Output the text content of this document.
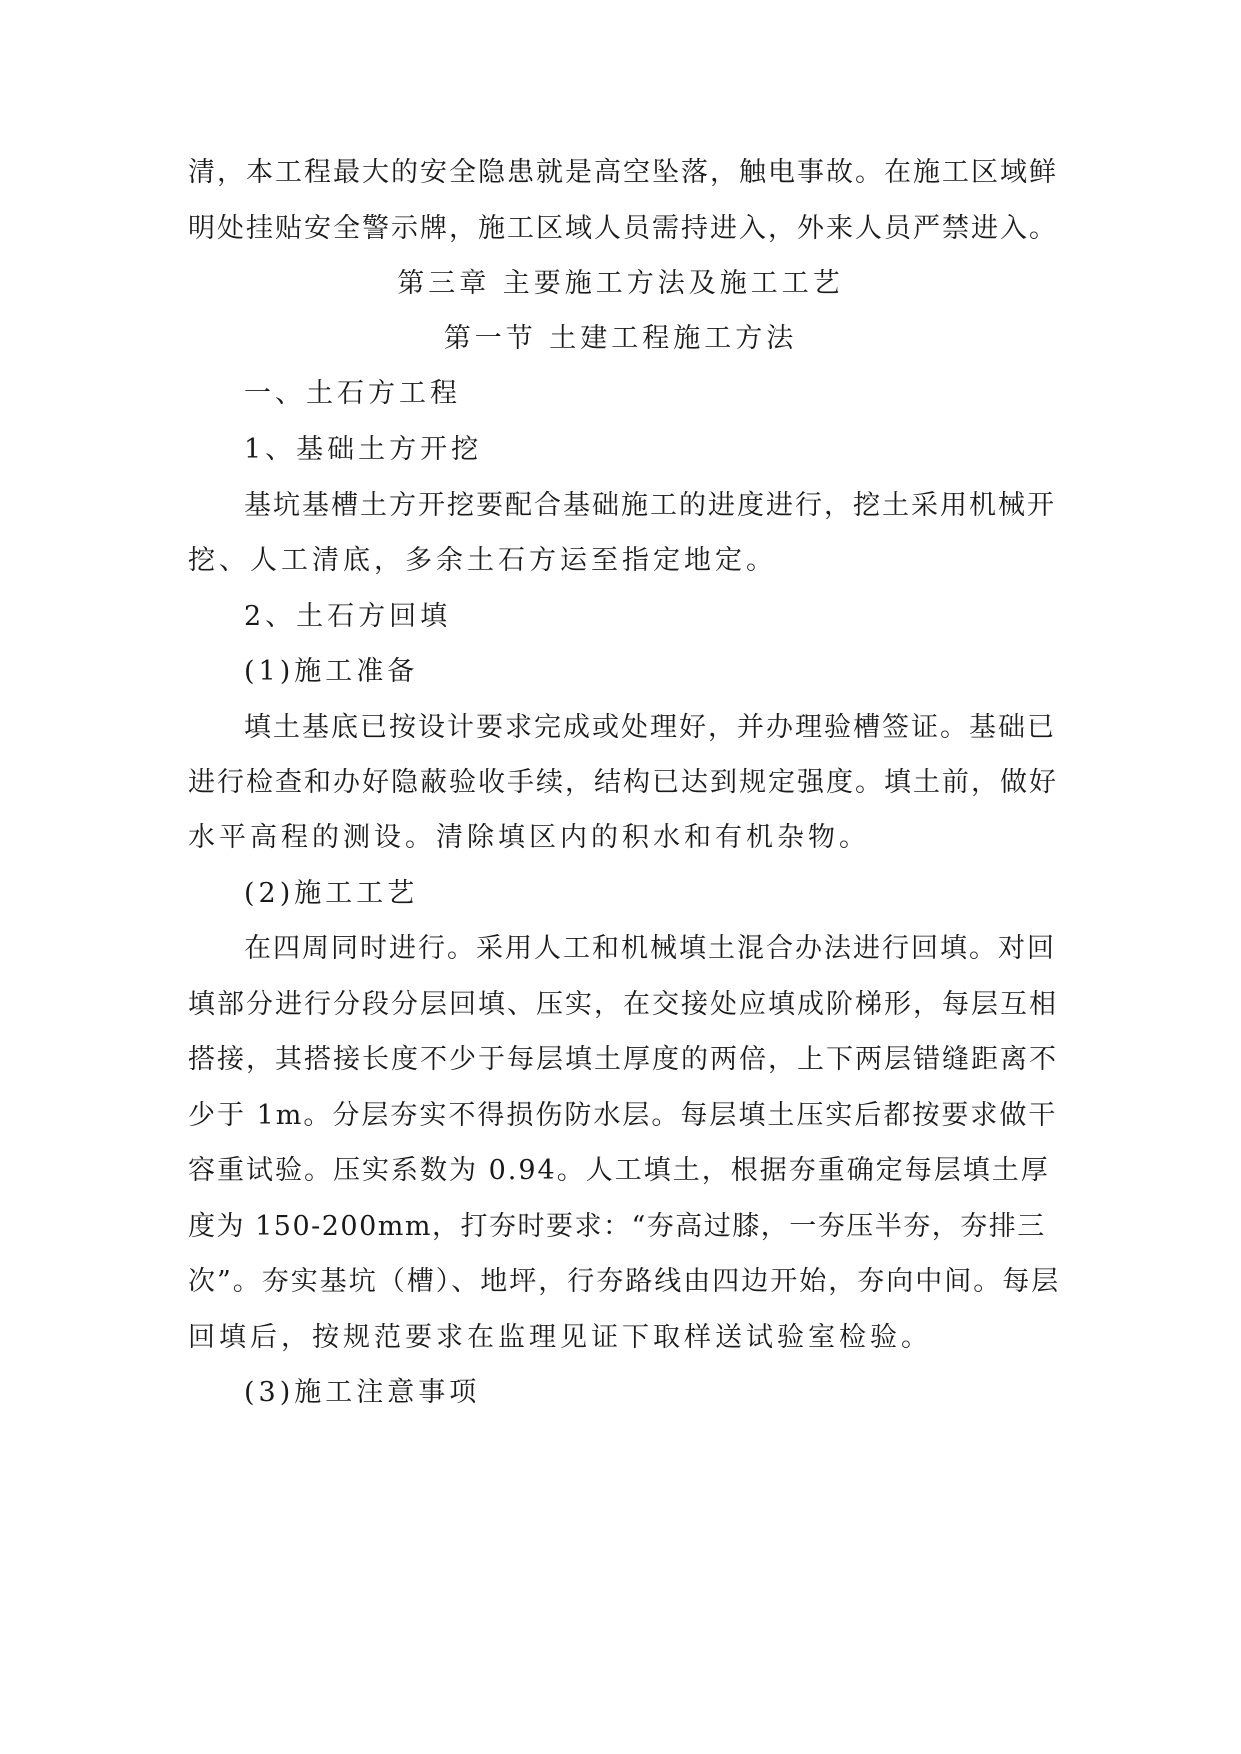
清，本工程最大的安全隐患就是高空坠落，触电事故。在施工区域鲜
明处挂贴安全警示牌，施工区域人员需持进入，外来人员严禁进入。
第三章 主要施工方法及施工工艺
第一节 土建工程施工方法
一、土石方工程
1、基础土方开挖
基坑基槽土方开挖要配合基础施工的进度进行，挖土采用机械开
挖、人工清底，多余土石方运至指定地定。
2、土石方回填
(1)施工准备
填土基底已按设计要求完成或处理好，并办理验槽签证。基础已
进行检查和办好隐蔽验收手续，结构已达到规定强度。填土前，做好
水平高程的测设。清除填区内的积水和有机杂物。
(2)施工工艺
在四周同时进行。采用人工和机械填土混合办法进行回填。对回
填部分进行分段分层回填、压实，在交接处应填成阶梯形，每层互相
搭接，其搭接长度不少于每层填土厚度的两倍，上下两层错缝距离不
少于 1m。分层夯实不得损伤防水层。每层填土压实后都按要求做干
容重试验。压实系数为 0.94。人工填土，根据夯重确定每层填土厚
度为 150-200mm，打夯时要求：“夯高过膝，一夯压半夯，夯排三
次”。夯实基坑（槽）、地坪，行夯路线由四边开始，夯向中间。每层
回填后，按规范要求在监理见证下取样送试验室检验。
(3)施工注意事项
